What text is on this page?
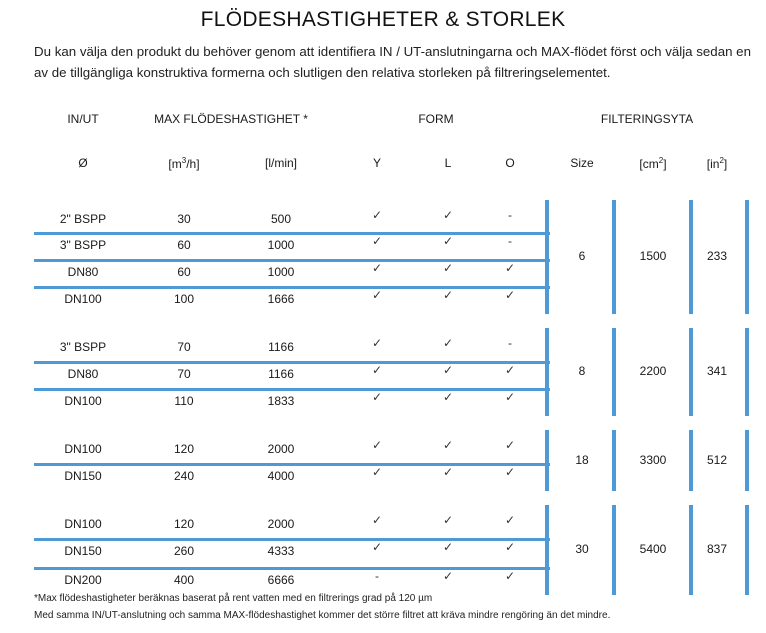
FLÖDESHASTIGHETER & STORLEK
Du kan välja den produkt du behöver genom att identifiera IN / UT-anslutningarna och MAX-flödet först och välja sedan en av de tillgängliga konstruktiva formerna och slutligen den relativa storleken på filtreringselementet.
IN/UT	MAX FLÖDESHASTIGHET *	FORM	FILTERINGSYTA
Ø	$[m^3/h]$	[l/min]	Y	L	O	Size	$[cm^2]$	$[in^2]$
2" BSPP	30	500	✓	✓	-
3" BSPP	60	1000	✓	✓	-
DN80	60	1000	✓	✓	✓
DN100	100	1666	✓	✓	✓
6	1500	233
3" BSPP	70	1166	✓	✓	-
DN80	70	1166	✓	✓	✓
DN100	110	1833	✓	✓	✓
8	2200	341
DN100	120	2000	✓	✓	✓
DN150	240	4000	✓	✓	✓
18	3300	512
DN100	120	2000	✓	✓	✓
DN150	260	4333	✓	✓	✓
DN200	400	6666	-	✓	✓
30	5400	837
*Max flödeshastigheter beräknas baserat på rent vatten med en filtrerings grad på 120 µm
Med samma IN/UT-anslutning och samma MAX-flödeshastighet kommer det större filtret att kräva mindre rengöring än det mindre.
